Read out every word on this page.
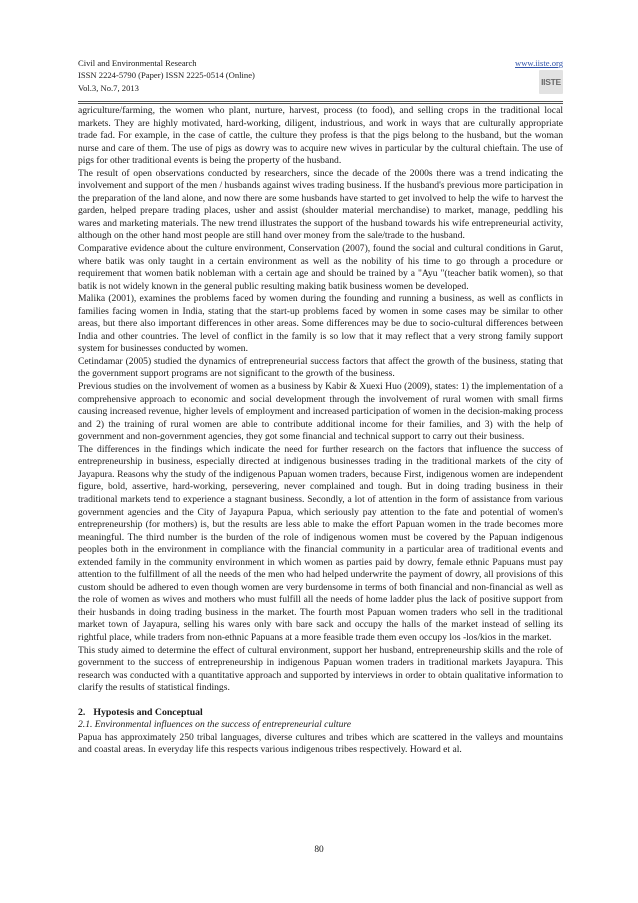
Civil and Environmental Research
ISSN 2224-5790 (Paper) ISSN 2225-0514 (Online)
Vol.3, No.7, 2013
www.iiste.org
IISTE

agriculture/farming, the women who plant, nurture, harvest, process (to food), and selling crops in the traditional local markets. They are highly motivated, hard-working, diligent, industrious, and work in ways that are culturally appropriate trade fad. For example, in the case of cattle, the culture they profess is that the pigs belong to the husband, but the woman nurse and care of them. The use of pigs as dowry was to acquire new wives in particular by the cultural chieftain. The use of pigs for other traditional events is being the property of the husband.

The result of open observations conducted by researchers, since the decade of the 2000s there was a trend indicating the involvement and support of the men / husbands against wives trading business. If the husband's previous more participation in the preparation of the land alone, and now there are some husbands have started to get involved to help the wife to harvest the garden, helped prepare trading places, usher and assist (shoulder material merchandise) to market, manage, peddling his wares and marketing materials. The new trend illustrates the support of the husband towards his wife entrepreneurial activity, although on the other hand most people are still hand over money from the sale/trade to the husband.

Comparative evidence about the culture environment, Conservation (2007), found the social and cultural conditions in Garut, where batik was only taught in a certain environment as well as the nobility of his time to go through a procedure or requirement that women batik nobleman with a certain age and should be trained by a "Ayu "(teacher batik women), so that batik is not widely known in the general public resulting making batik business women be developed.

Malika (2001), examines the problems faced by women during the founding and running a business, as well as conflicts in families facing women in India, stating that the start-up problems faced by women in some cases may be similar to other areas, but there also important differences in other areas. Some differences may be due to socio-cultural differences between India and other countries. The level of conflict in the family is so low that it may reflect that a very strong family support system for businesses conducted by women.

Cetindamar (2005) studied the dynamics of entrepreneurial success factors that affect the growth of the business, stating that the government support programs are not significant to the growth of the business.

Previous studies on the involvement of women as a business by Kabir & Xuexi Huo (2009), states: 1) the implementation of a comprehensive approach to economic and social development through the involvement of rural women with small firms causing increased revenue, higher levels of employment and increased participation of women in the decision-making process and 2) the training of rural women are able to contribute additional income for their families, and 3) with the help of government and non-government agencies, they got some financial and technical support to carry out their business.

The differences in the findings which indicate the need for further research on the factors that influence the success of entrepreneurship in business, especially directed at indigenous businesses trading in the traditional markets of the city of Jayapura. Reasons why the study of the indigenous Papuan women traders, because First, indigenous women are independent figure, bold, assertive, hard-working, persevering, never complained and tough. But in doing trading business in their traditional markets tend to experience a stagnant business. Secondly, a lot of attention in the form of assistance from various government agencies and the City of Jayapura Papua, which seriously pay attention to the fate and potential of women's entrepreneurship (for mothers) is, but the results are less able to make the effort Papuan women in the trade becomes more meaningful. The third number is the burden of the role of indigenous women must be covered by the Papuan indigenous peoples both in the environment in compliance with the financial community in a particular area of traditional events and extended family in the community environment in which women as parties paid by dowry, female ethnic Papuans must pay attention to the fulfillment of all the needs of the men who had helped underwrite the payment of dowry, all provisions of this custom should be adhered to even though women are very burdensome in terms of both financial and non-financial as well as the role of women as wives and mothers who must fulfill all the needs of home ladder plus the lack of positive support from their husbands in doing trading business in the market. The fourth most Papuan women traders who sell in the traditional market town of Jayapura, selling his wares only with bare sack and occupy the halls of the market instead of selling its rightful place, while traders from non-ethnic Papuans at a more feasible trade them even occupy los -los/kios in the market.

This study aimed to determine the effect of cultural environment, support her husband, entrepreneurship skills and the role of government to the success of entrepreneurship in indigenous Papuan women traders in traditional markets Jayapura. This research was conducted with a quantitative approach and supported by interviews in order to obtain qualitative information to clarify the results of statistical findings.

2. Hypotesis and Conceptual
2.1. Environmental influences on the success of entrepreneurial culture

Papua has approximately 250 tribal languages, diverse cultures and tribes which are scattered in the valleys and mountains and coastal areas. In everyday life this respects various indigenous tribes respectively. Howard et al.

80
